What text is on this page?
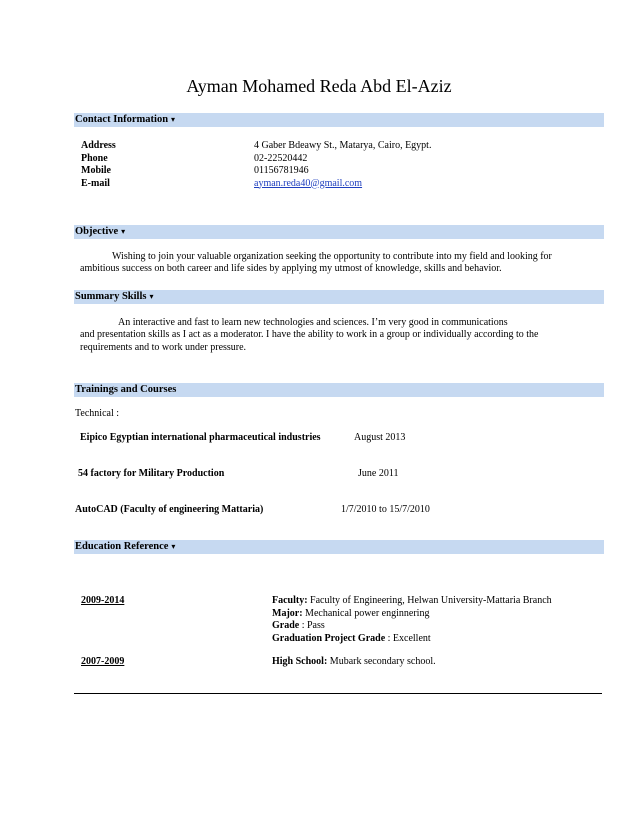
Ayman Mohamed Reda Abd El-Aziz
Contact Information ▾
Address	4 Gaber Bdeawy St., Matarya, Cairo, Egypt.
Phone	02-22520442
Mobile	01156781946
E-mail	ayman.reda40@gmail.com
Objective ▾
Wishing to join your valuable organization seeking the opportunity to contribute into my field and looking for
ambitious success on both career and life sides by applying my utmost of knowledge, skills and behavior.
Summary Skills ▾
An interactive and fast to learn new technologies and sciences. I’m very good in communications
and presentation skills as I act as a moderator. I have the ability to work in a group or individually according to the
requirements and to work under pressure.
Trainings and Courses
Technical :
Eipico Egyptian international pharmaceutical industries	August 2013
54 factory for Military Production	June 2011
AutoCAD (Faculty of engineering Mattaria)	1/7/2010 to 15/7/2010
Education Reference ▾
2009-2014	Faculty: Faculty of Engineering, Helwan University-Mattaria Branch
Major: Mechanical power enginnering
Grade : Pass
Graduation Project Grade : Excellent
2007-2009	High School: Mubark secondary school.
